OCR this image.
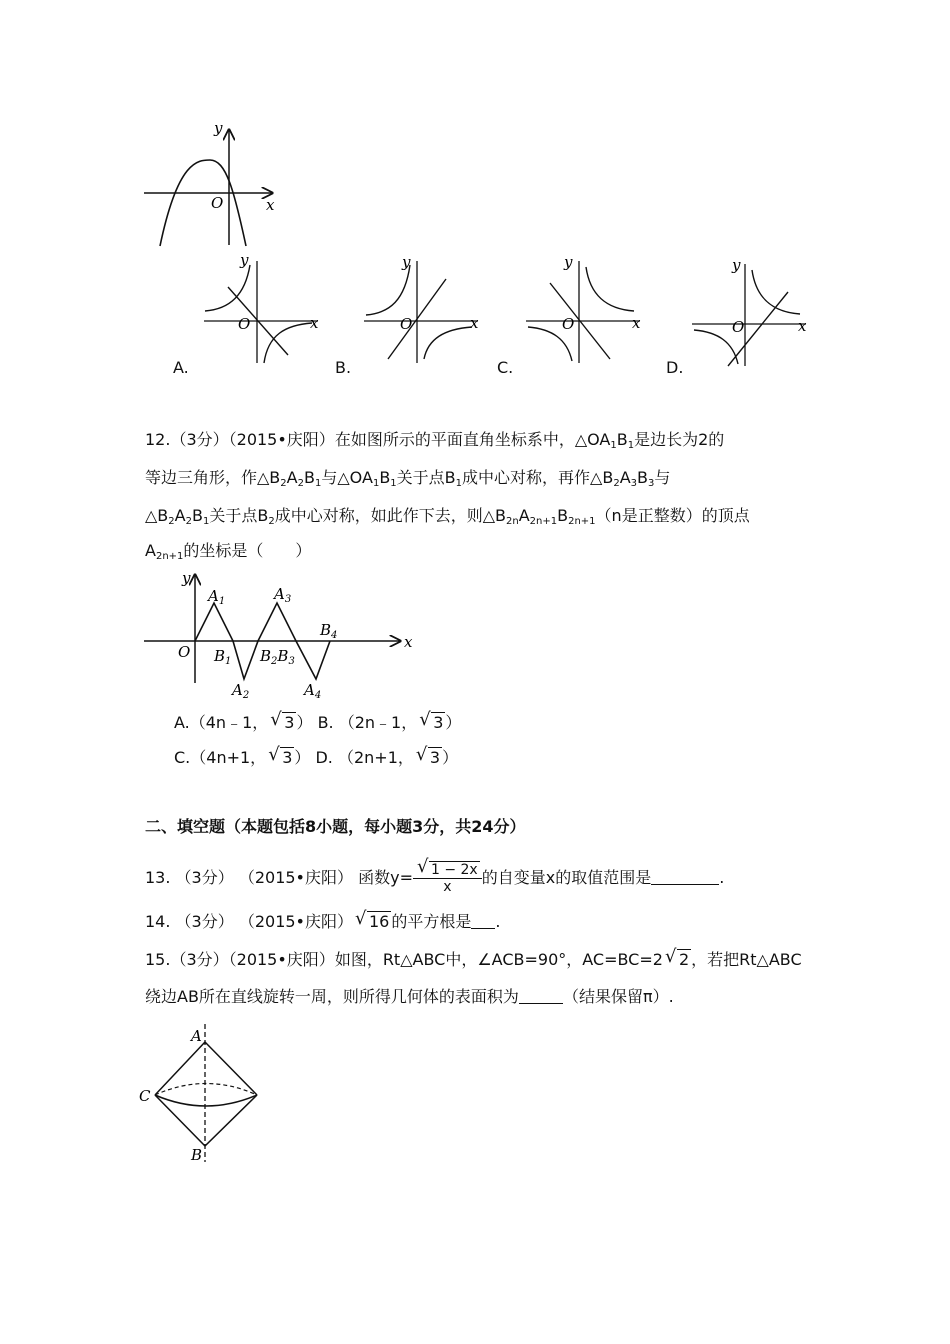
y
x
O
y
x
O
A.
y
x
O
B.
y
x
O
C.
y
x
O
D.
12.（3分）（2015•庆阳）在如图所示的平面直角坐标系中，$\triangle OA_1B_1$是边长为2的
等边三角形，作$\triangle B_2A_2B_1$与$\triangle OA_1B_1$关于点$B_1$成中心对称，再作$\triangle B_2A_3B_3$与
$\triangle B_2A_2B_1$关于点$B_2$成中心对称，如此作下去，则$\triangle B_{2n}A_{2n+1}B_{2n+1}(n$是正整数）的顶点
$A_{2n+1}$的坐标是（　　）
y
x
O
$A_1$
$B_1$
$A_2$
$B_2B_3$
$A_3$
$A_4$
$B_4$
A.（4n﹣1， √ 3 ） B. （2n﹣1， √ 3 ）
C.（4n+1， √ 3 ） D. （2n+1， √ 3 ）
二、填空题（本题包括8小题，每小题3分，共24分）
13. （3分） （2015•庆阳） 函数$y= \frac{√ 1 - 2x}{x}$ 的自变量x的取值范围是	.
14. （3分） （2015•庆阳） √ 16 的平方根是 .
15.（3分）（2015•庆阳）如图，Rt△ABC中，∠ACB=90°，AC=BC=2 √ 2 ，若把Rt△ABC
绕边AB所在直线旋转一周，则所得几何体的表面积为	（结果保留π）.
A
C
B
